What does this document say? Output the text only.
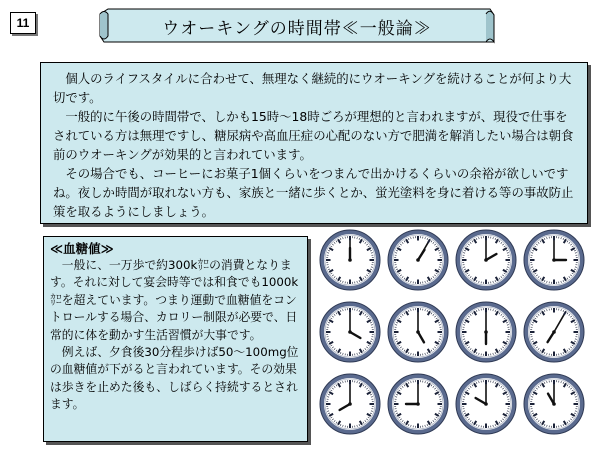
11	ウオーキングの時間帯≪一般論≫

個人のライフスタイルに合わせて、無理なく継続的にウオーキングを続けることが何より大切です。

一般的に午後の時間帯で、しかも15時～18時ごろが理想的と言われますが、現役で仕事をされている方は無理ですし、糖尿病や高血圧症の心配のない方で肥満を解消したい場合は朝食前のウオーキングが効果的と言われています。

その場合でも、コーヒーにお菓子1個くらいをつまんで出かけるくらいの余裕が欲しいですね。夜しか時間が取れない方も、家族と一緒に歩くとか、蛍光塗料を身に着ける等の事故防止策を取るようにしましょう。

≪血糖値≫

一般に、一万歩で約300k㌍の消費となります。それに対して宴会時等では和食でも1000k㌍を超えています。つまり運動で血糖値をコントロールする場合、カロリー制限が必要で、日常的に体を動かす生活習慣が大事です。

例えば、夕食後30分程歩けば50～100mg位の血糖値が下がると言われています。その効果は歩きを止めた後も、しばらく持続するとされます。
